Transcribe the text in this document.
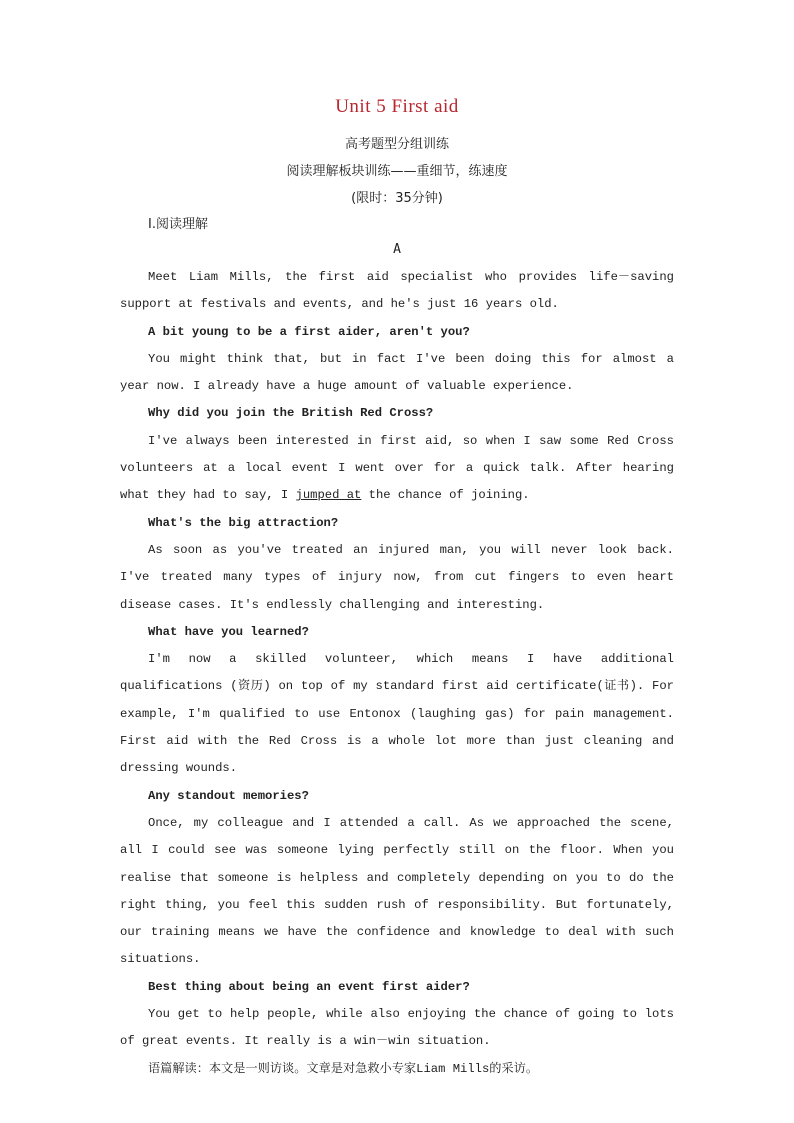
Unit 5 First aid
高考题型分组训练
阅读理解板块训练——重细节，练速度
(限时：35分钟)
Ⅰ.阅读理解
A

Meet Liam Mills, the first aid specialist who provides life－saving support at festivals and events, and he's just 16 years old.

A bit young to be a first aider, aren't you?

You might think that, but in fact I've been doing this for almost a year now. I already have a huge amount of valuable experience.

Why did you join the British Red Cross?

I've always been interested in first aid, so when I saw some Red Cross volunteers at a local event I went over for a quick talk. After hearing what they had to say, I jumped at the chance of joining.

What's the big attraction?

As soon as you've treated an injured man, you will never look back. I've treated many types of injury now, from cut fingers to even heart disease cases. It's endlessly challenging and interesting.

What have you learned?

I'm now a skilled volunteer, which means I have additional qualifications (资历) on top of my standard first aid certificate(证书). For example, I'm qualified to use Entonox (laughing gas) for pain management. First aid with the Red Cross is a whole lot more than just cleaning and dressing wounds.

Any standout memories?

Once, my colleague and I attended a call. As we approached the scene, all I could see was someone lying perfectly still on the floor. When you realise that someone is helpless and completely depending on you to do the right thing, you feel this sudden rush of responsibility. But fortunately, our training means we have the confidence and knowledge to deal with such situations.

Best thing about being an event first aider?

You get to help people, while also enjoying the chance of going to lots of great events. It really is a win－win situation.

语篇解读：本文是一则访谈。文章是对急救小专家Liam Mills的采访。
